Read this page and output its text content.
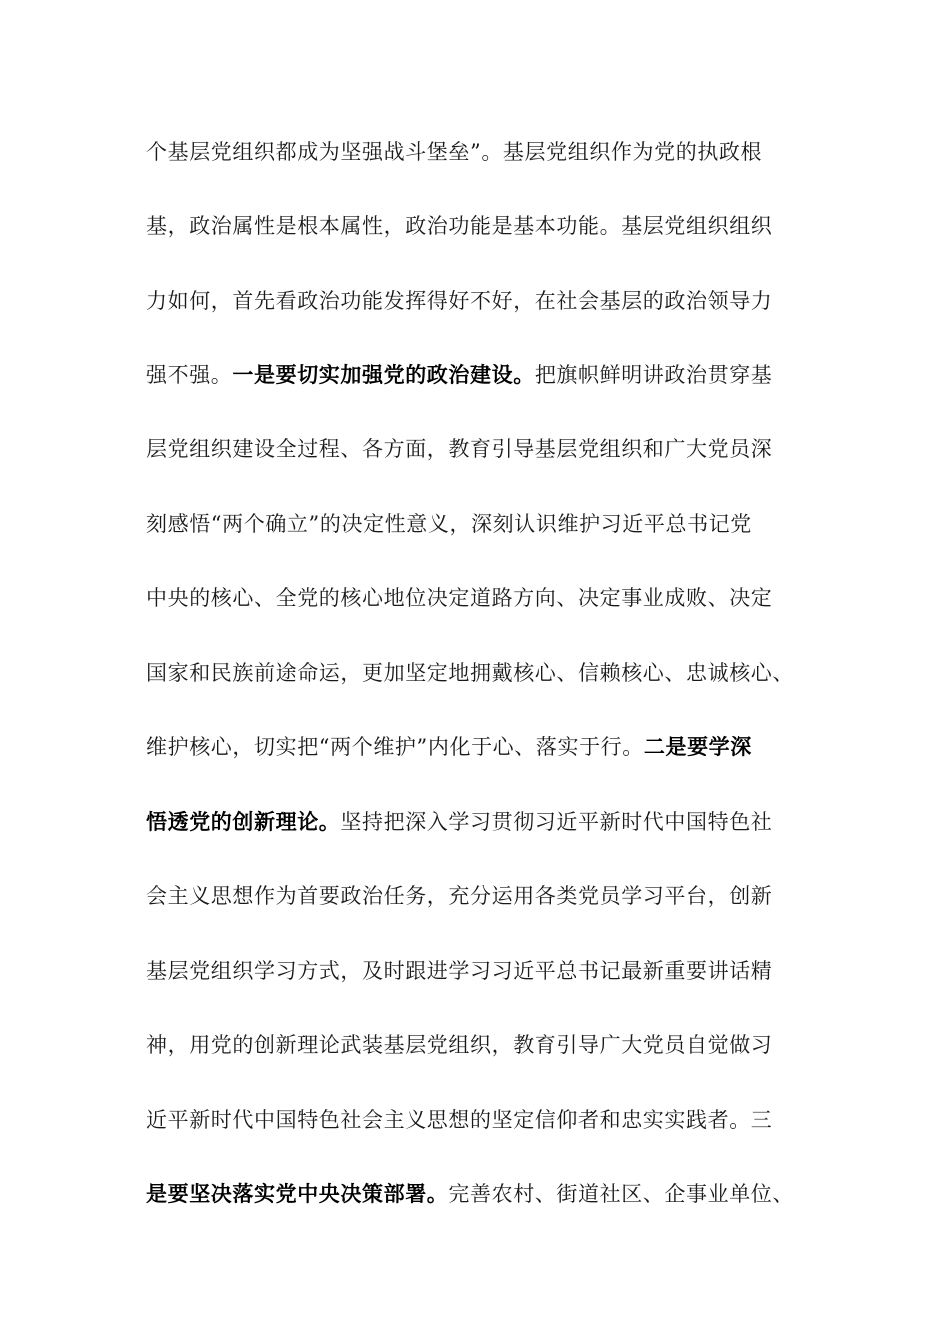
个基层党组织都成为坚强战斗堡垒”。基层党组织作为党的执政根
基，政治属性是根本属性，政治功能是基本功能。基层党组织组织
力如何，首先看政治功能发挥得好不好，在社会基层的政治领导力
强不强。一是要切实加强党的政治建设。把旗帜鲜明讲政治贯穿基
层党组织建设全过程、各方面，教育引导基层党组织和广大党员深
刻感悟“两个确立”的决定性意义，深刻认识维护习近平总书记党
中央的核心、全党的核心地位决定道路方向、决定事业成败、决定
国家和民族前途命运，更加坚定地拥戴核心、信赖核心、忠诚核心、
维护核心，切实把“两个维护”内化于心、落实于行。二是要学深
悟透党的创新理论。坚持把深入学习贯彻习近平新时代中国特色社
会主义思想作为首要政治任务，充分运用各类党员学习平台，创新
基层党组织学习方式，及时跟进学习习近平总书记最新重要讲话精
神，用党的创新理论武装基层党组织，教育引导广大党员自觉做习
近平新时代中国特色社会主义思想的坚定信仰者和忠实实践者。三
是要坚决落实党中央决策部署。完善农村、街道社区、企事业单位、
